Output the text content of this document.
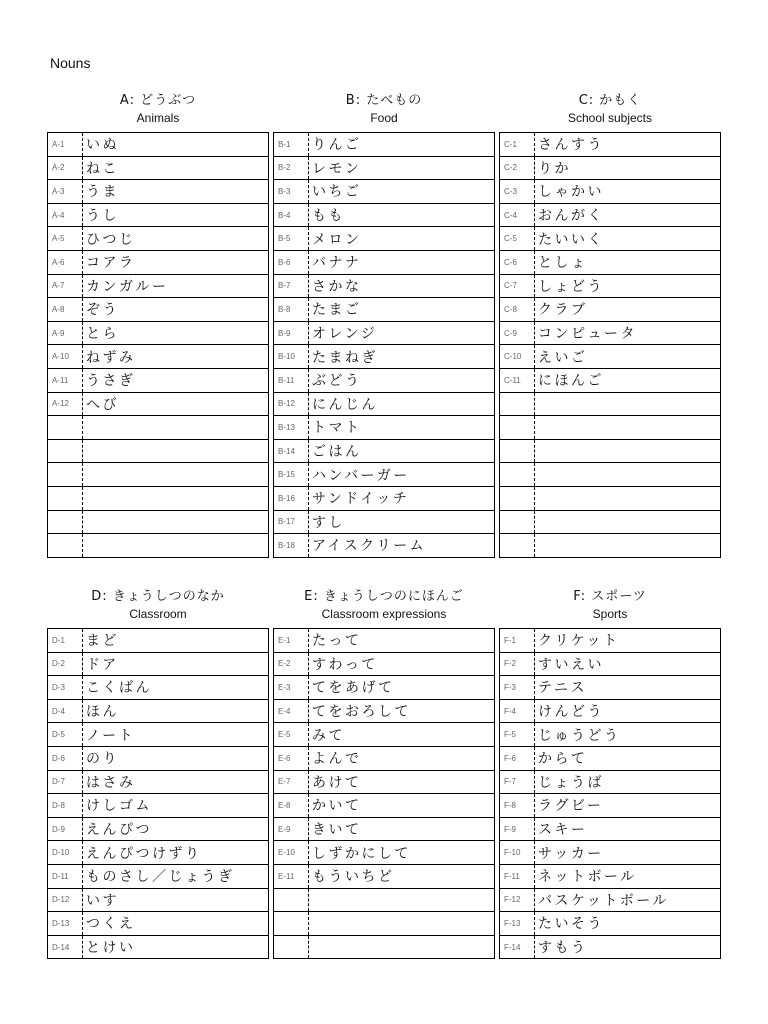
Nouns
A: どうぶつ
Animals
A-1	いぬ
A-2	ねこ
A-3	うま
A-4	うし
A-5	ひつじ
A-6	コアラ
A-7	カンガルー
A-8	ぞう
A-9	とら
A-10	ねずみ
A-11	うさぎ
A-12	へび

B: たべもの
Food
B-1	りんご
B-2	レモン
B-3	いちご
B-4	もも
B-5	メロン
B-6	バナナ
B-7	さかな
B-8	たまご
B-9	オレンジ
B-10	たまねぎ
B-11	ぶどう
B-12	にんじん
B-13	トマト
B-14	ごはん
B-15	ハンバーガー
B-16	サンドイッチ
B-17	すし
B-18	アイスクリーム
C: かもく
School subjects
C-1	さんすう
C-2	りか
C-3	しゃかい
C-4	おんがく
C-5	たいいく
C-6	としょ
C-7	しょどう
C-8	クラブ
C-9	コンピュータ
C-10	えいご
C-11	にほんご

D: きょうしつのなか
Classroom
D-1	まど
D-2	ドア
D-3	こくばん
D-4	ほん
D-5	ノート
D-6	のり
D-7	はさみ
D-8	けしゴム
D-9	えんぴつ
D-10	えんぴつけずり
D-11	ものさし／じょうぎ
D-12	いす
D-13	つくえ
D-14	とけい
E: きょうしつのにほんご
Classroom expressions
E-1	たって
E-2	すわって
E-3	てをあげて
E-4	てをおろして
E-5	みて
E-6	よんで
E-7	あけて
E-8	かいて
E-9	きいて
E-10	しずかにして
E-11	もういちど

F: スポーツ
Sports
F-1	クリケット
F-2	すいえい
F-3	テニス
F-4	けんどう
F-5	じゅうどう
F-6	からて
F-7	じょうば
F-8	ラグビー
F-9	スキー
F-10	サッカー
F-11	ネットボール
F-12	バスケットボール
F-13	たいそう
F-14	すもう
